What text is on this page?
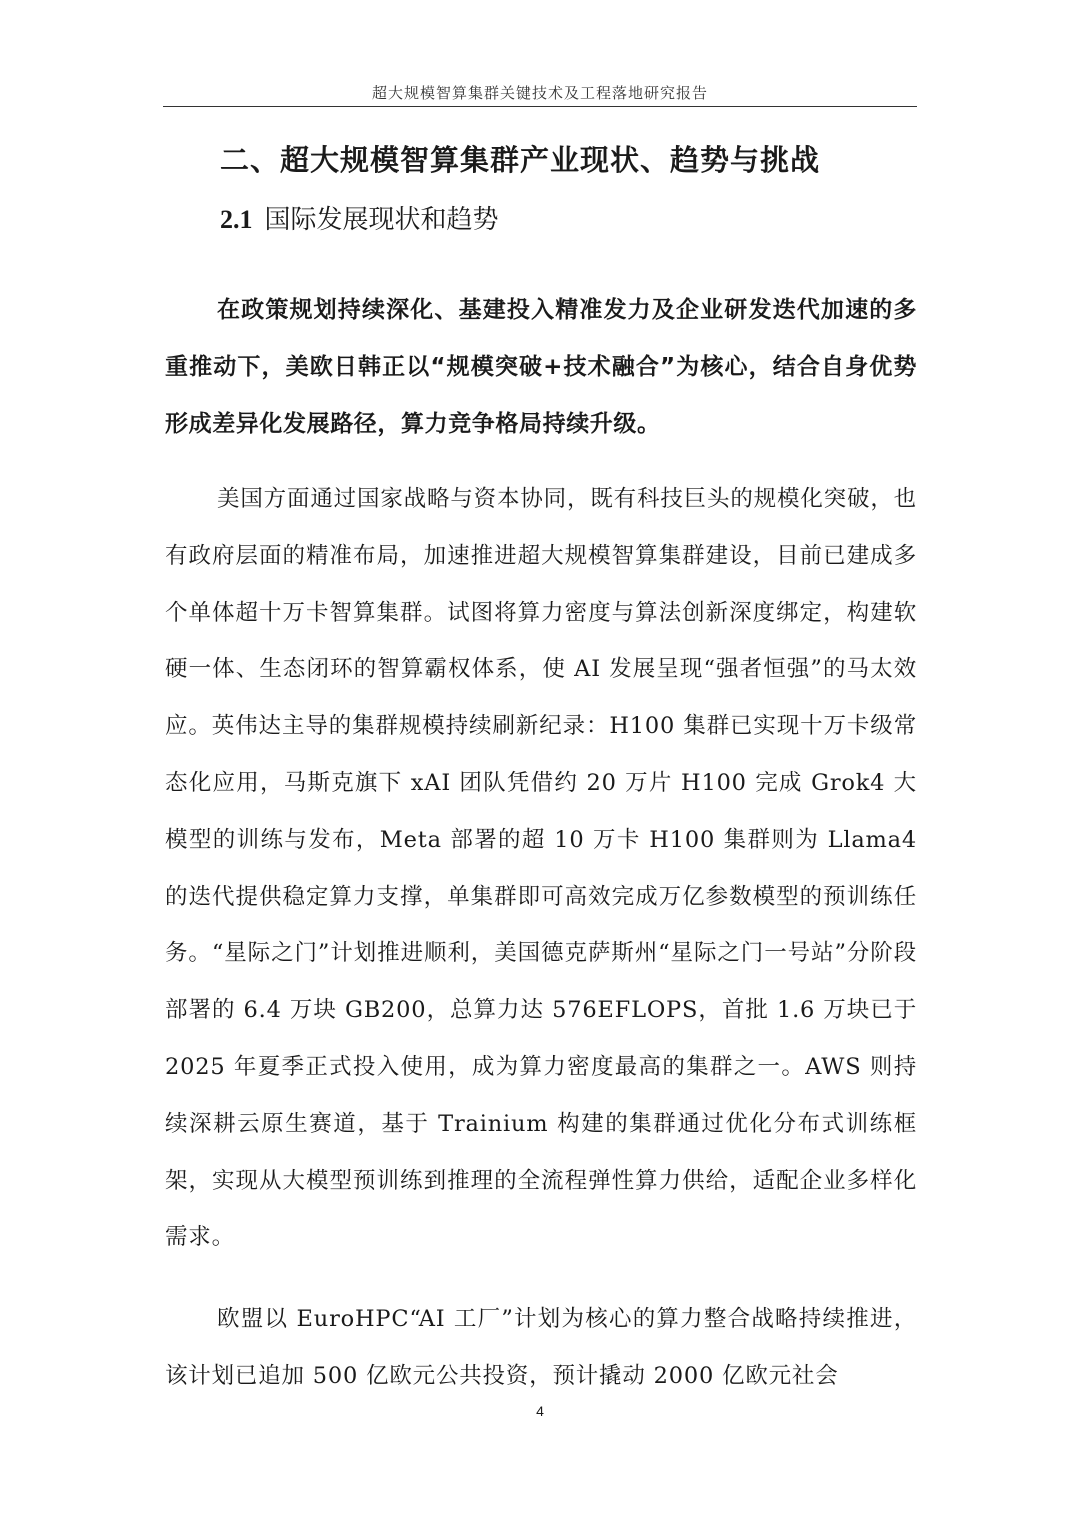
超大规模智算集群关键技术及工程落地研究报告
二、超大规模智算集群产业现状、趋势与挑战
2.1 国际发展现状和趋势

在政策规划持续深化、基建投入精准发力及企业研发迭代加速的多重推动下，美欧日韩正以“规模突破+技术融合”为核心，结合自身优势形成差异化发展路径，算力竞争格局持续升级。

美国方面通过国家战略与资本协同，既有科技巨头的规模化突破，也有政府层面的精准布局，加速推进超大规模智算集群建设，目前已建成多个单体超十万卡智算集群。试图将算力密度与算法创新深度绑定，构建软硬一体、生态闭环的智算霸权体系，使 AI 发展呈现“强者恒强”的马太效应。英伟达主导的集群规模持续刷新纪录：H100 集群已实现十万卡级常态化应用，马斯克旗下 xAI 团队凭借约 20 万片 H100 完成 Grok4 大模型的训练与发布，Meta 部署的超 10 万卡 H100 集群则为 Llama4 的迭代提供稳定算力支撑，单集群即可高效完成万亿参数模型的预训练任务。“星际之门”计划推进顺利，美国德克萨斯州“星际之门一号站”分阶段部署的 6.4 万块 GB200，总算力达 576EFLOPS，首批 1.6 万块已于 2025 年夏季正式投入使用，成为算力密度最高的集群之一。AWS 则持续深耕云原生赛道，基于 Trainium 构建的集群通过优化分布式训练框架，实现从大模型预训练到推理的全流程弹性算力供给，适配企业多样化需求。

欧盟以 EuroHPC“AI 工厂”计划为核心的算力整合战略持续推进，该计划已追加 500 亿欧元公共投资，预计撬动 2000 亿欧元社会

4
